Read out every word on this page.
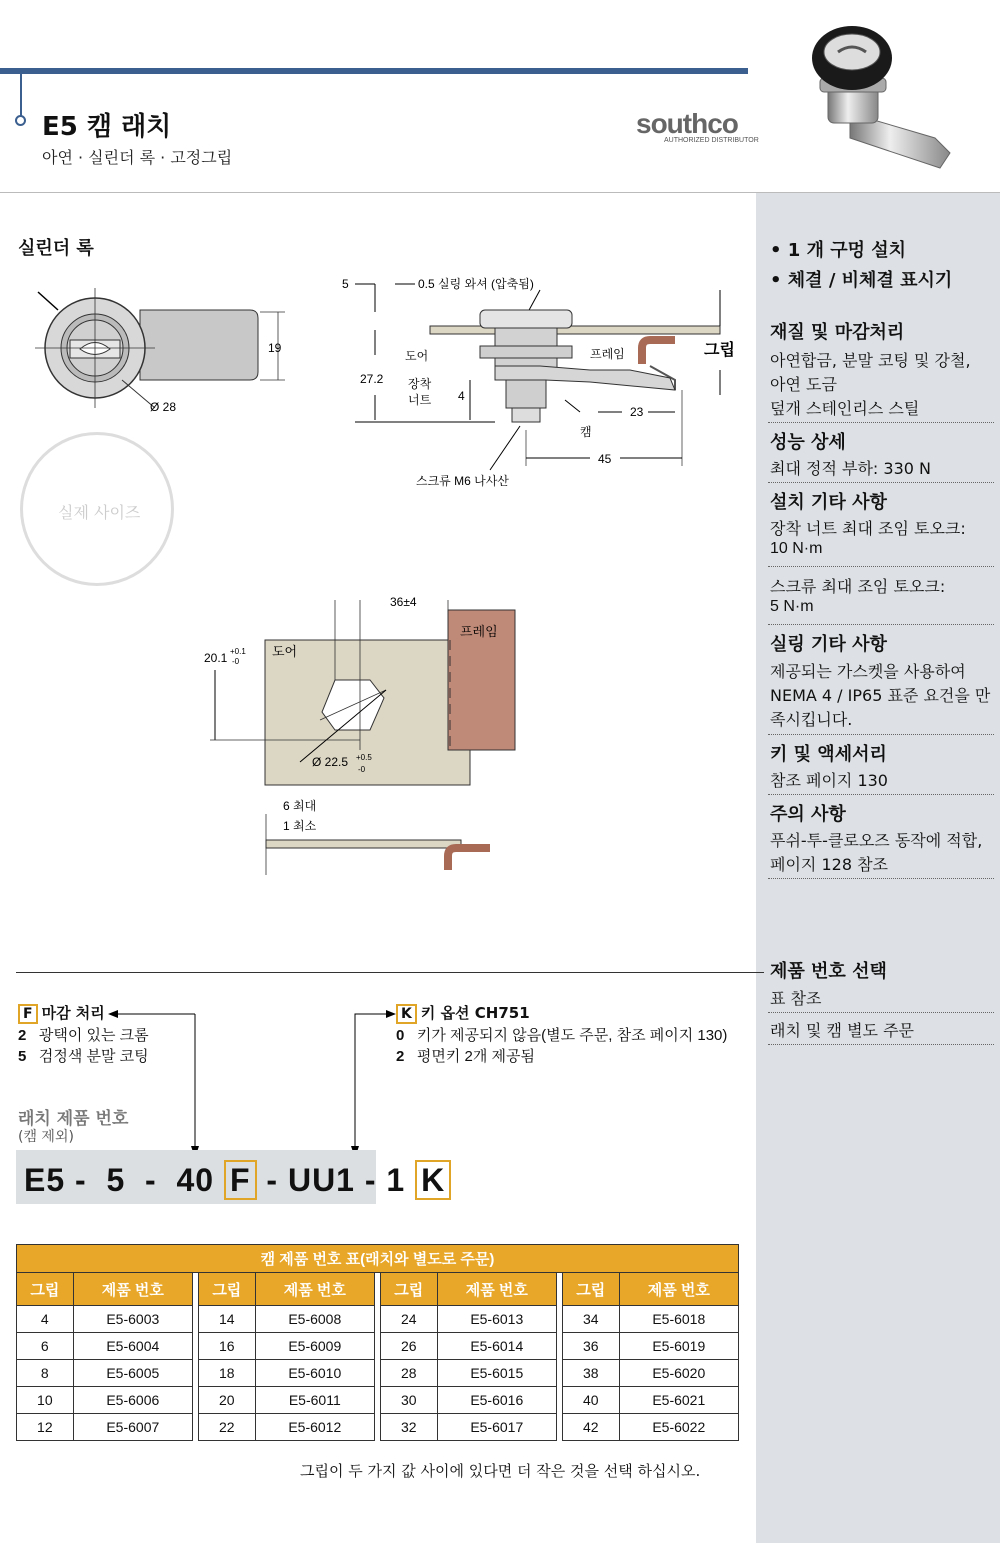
E5 캠 래치
아연 · 실린더 록 · 고정그립
southco
AUTHORIZED DISTRIBUTOR
• 1 개 구멍 설치
• 체결 / 비체결 표시기
재질 및 마감처리
아연합금, 분말 코팅 및 강철,
아연 도금
덮개 스테인리스 스틸
성능 상세
최대 정적 부하: 330 N
설치 기타 사항
장착 너트 최대 조임 토오크:
10 N·m
스크류 최대 조임 토오크:
5 N·m
실링 기타 사항
제공되는 가스켓을 사용하여
NEMA 4 / IP65 표준 요건을 만
족시킵니다.
키 및 액세서리
참조 페이지 130
주의 사항
푸쉬-투-클로오즈 동작에 적합,
페이지 128 참조
제품 번호 선택
표 참조
래치 및 캠 별도 주문
실린더 록
19
Ø 28
실제 사이즈
5	0.5 실링 와셔 (압축됨)
그립
프레임
도어
27.2 장착
너트 4
캠
23
45
스크류 M6 나사산
36±4
프레임
도어
20.1 +0.1
-0
Ø 22.5 +0.5
-0
6 최대
1 최소
F 마감 처리
2 광택이 있는 크롬
5 검정색 분말 코팅
K 키 옵션 CH751
0 키가 제공되지 않음(별도 주문, 참조 페이지 130)
2 평면키 2개 제공됨
래치 제품 번호
(캠 제외)
E5 -  5  -  40 F - UU1 - 1 K
캠 제품 번호 표(래치와 별도로 주문)										
그립	제품 번호		그립	제품 번호		그립	제품 번호		그립	제품 번호
4	E5-6003		14	E5-6008		24	E5-6013		34	E5-6018
6	E5-6004		16	E5-6009		26	E5-6014		36	E5-6019
8	E5-6005		18	E5-6010		28	E5-6015		38	E5-6020
10	E5-6006		20	E5-6011		30	E5-6016		40	E5-6021
12	E5-6007		22	E5-6012		32	E5-6017		42	E5-6022
그립이 두 가지 값 사이에 있다면 더 작은 것을 선택 하십시오.
